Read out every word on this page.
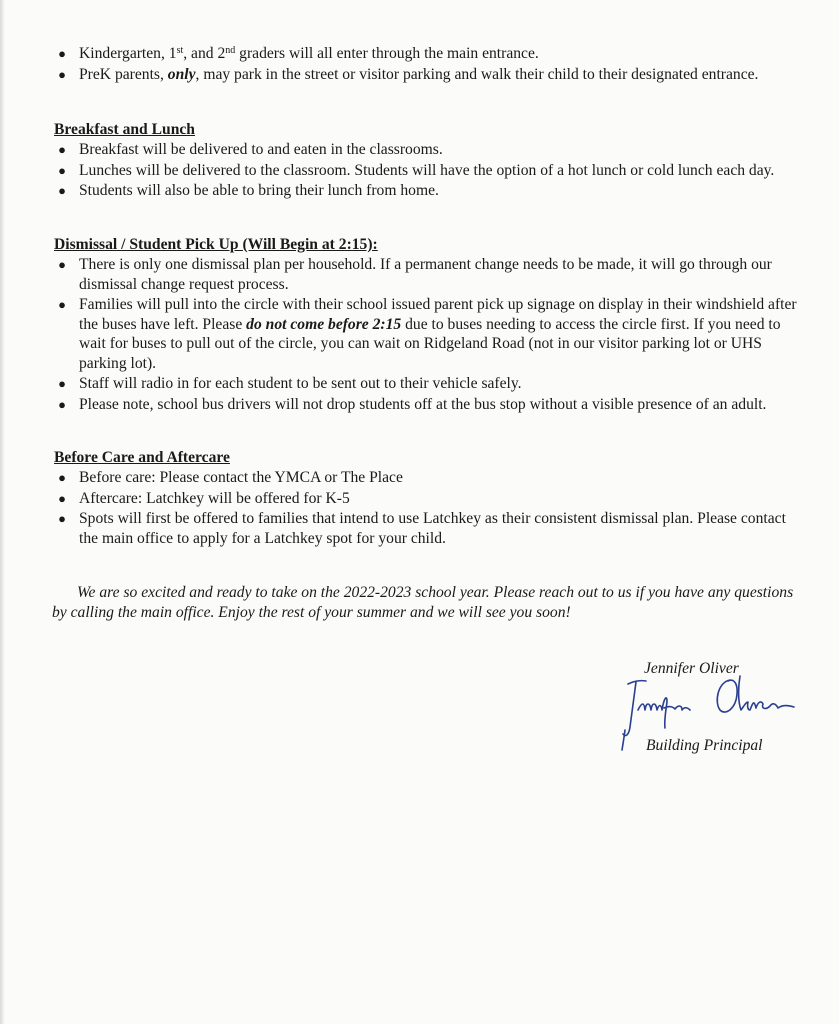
● Kindergarten, 1st, and 2nd graders will all enter through the main entrance.
● PreK parents, only, may park in the street or visitor parking and walk their child to their designated entrance.

Breakfast and Lunch

● Breakfast will be delivered to and eaten in the classrooms.
● Lunches will be delivered to the classroom. Students will have the option of a hot lunch or cold lunch each day.
● Students will also be able to bring their lunch from home.

Dismissal / Student Pick Up (Will Begin at 2:15):

● There is only one dismissal plan per household. If a permanent change needs to be made, it will go through our dismissal change request process.
● Families will pull into the circle with their school issued parent pick up signage on display in their windshield after the buses have left. Please do not come before 2:15 due to buses needing to access the circle first. If you need to wait for buses to pull out of the circle, you can wait on Ridgeland Road (not in our visitor parking lot or UHS parking lot).
● Staff will radio in for each student to be sent out to their vehicle safely.
● Please note, school bus drivers will not drop students off at the bus stop without a visible presence of an adult.

Before Care and Aftercare

● Before care: Please contact the YMCA or The Place
● Aftercare: Latchkey will be offered for K-5
● Spots will first be offered to families that intend to use Latchkey as their consistent dismissal plan. Please contact the main office to apply for a Latchkey spot for your child.

We are so excited and ready to take on the 2022-2023 school year. Please reach out to us if you have any questions by calling the main office. Enjoy the rest of your summer and we will see you soon!

Jennifer Oliver

Building Principal
